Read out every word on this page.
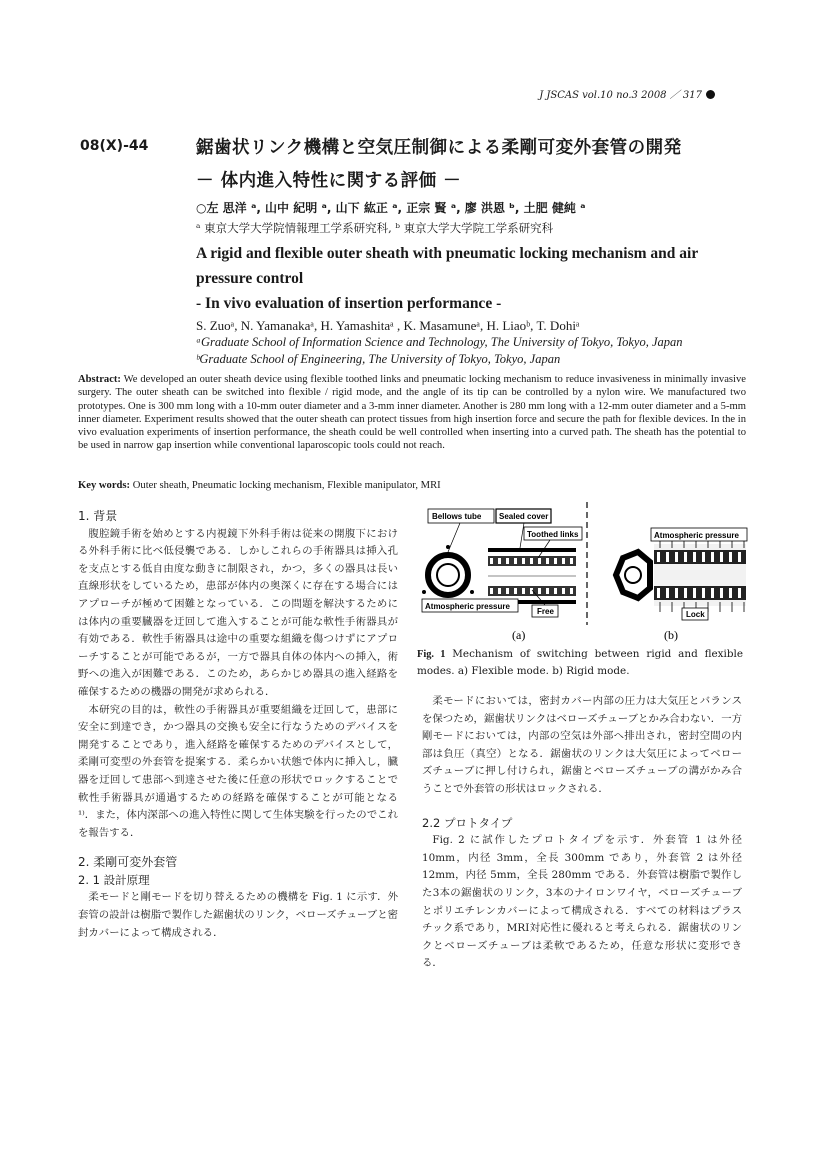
J JSCAS vol.10 no.3 2008 ／ 317
08(X)-44	鋸歯状リンク機構と空気圧制御による柔剛可変外套管の開発
－ 体内進入特性に関する評価 －
○左 思洋 ᵃ, 山中 紀明 ᵃ, 山下 紘正 ᵃ, 正宗 賢 ᵃ, 廖 洪恩 ᵇ, 土肥 健純 ᵃ
ᵃ 東京大学大学院情報理工学系研究科, ᵇ 東京大学大学院工学系研究科
A rigid and flexible outer sheath with pneumatic locking mechanism and air
pressure control
- In vivo evaluation of insertion performance -
S. Zuoᵃ, N. Yamanakaᵃ, H. Yamashitaᵃ , K. Masamuneᵃ, H. Liaoᵇ, T. Dohiᵃ
ᵃGraduate School of Information Science and Technology, The University of Tokyo, Tokyo, Japan
ᵇGraduate School of Engineering, The University of Tokyo, Tokyo, Japan
Abstract: We developed an outer sheath device using flexible toothed links and pneumatic locking mechanism to reduce invasiveness in minimally invasive surgery. The outer sheath can be switched into flexible / rigid mode, and the angle of its tip can be controlled by a nylon wire. We manufactured two prototypes. One is 300 mm long with a 10-mm outer diameter and a 3-mm inner diameter. Another is 280 mm long with a 12-mm outer diameter and a 5-mm inner diameter. Experiment results showed that the outer sheath can protect tissues from high insertion force and secure the path for flexible devices. In the in vivo evaluation experiments of insertion performance, the sheath could be well controlled when inserting into a curved path. The sheath has the potential to be used in narrow gap insertion while conventional laparoscopic tools could not reach.
Key words: Outer sheath, Pneumatic locking mechanism, Flexible manipulator, MRI

1. 背景

腹腔鏡手術を始めとする内視鏡下外科手術は従来の開腹下における外科手術に比べ低侵襲である．しかしこれらの手術器具は挿入孔を支点とする低自由度な動きに制限され，かつ，多くの器具は長い直線形状をしているため，患部が体内の奥深くに存在する場合にはアプローチが極めて困難となっている．この問題を解決するためには体内の重要臓器を迂回して進入することが可能な軟性手術器具が有効である．軟性手術器具は途中の重要な組織を傷つけずにアプローチすることが可能であるが，一方で器具自体の体内への挿入，術野への進入が困難である．このため，あらかじめ器具の進入経路を確保するための機器の開発が求められる．

本研究の目的は，軟性の手術器具が重要組織を迂回して，患部に安全に到達でき，かつ器具の交換も安全に行なうためのデバイスを開発することであり，進入経路を確保するためのデバイスとして，柔剛可変型の外套管を提案する．柔らかい状態で体内に挿入し，臓器を迂回して患部へ到達させた後に任意の形状でロックすることで軟性手術器具が通過するための経路を確保することが可能となる ¹⁾．また，体内深部への進入特性に関して生体実験を行ったのでこれを報告する．

2. 柔剛可変外套管

2. 1 設計原理

柔モードと剛モードを切り替えるための機構を Fig. 1 に示す．外套管の設計は樹脂で製作した鋸歯状のリンク，ベローズチューブと密封カバーによって構成される．

Bellows tube Sealed cover
Toothed links
Atmospheric pressure
Free
Atmospheric pressure
Lock
(a)	(b)
Fig. 1 Mechanism of switching between rigid and flexible modes. a) Flexible mode. b) Rigid mode.

柔モードにおいては，密封カバー内部の圧力は大気圧とバランスを保つため，鋸歯状リンクはベローズチューブとかみ合わない．一方剛モードにおいては，内部の空気は外部へ排出され，密封空間の内部は負圧（真空）となる．鋸歯状のリンクは大気圧によってベローズチューブに押し付けられ，鋸歯とベローズチューブの溝がかみ合うことで外套管の形状はロックされる．

2.2 プロトタイプ

Fig. 2 に試作したプロトタイプを示す．外套管 1 は外径 10mm，内径 3mm，全長 300mm であり，外套管 2 は外径 12mm，内径 5mm，全長 280mm である．外套管は樹脂で製作した3本の鋸歯状のリンク，3本のナイロンワイヤ，ベローズチューブとポリエチレンカバーによって構成される．すべての材料はプラスチック系であり，MRI対応性に優れると考えられる．鋸歯状のリンクとベローズチューブは柔軟であるため，任意な形状に変形できる．
